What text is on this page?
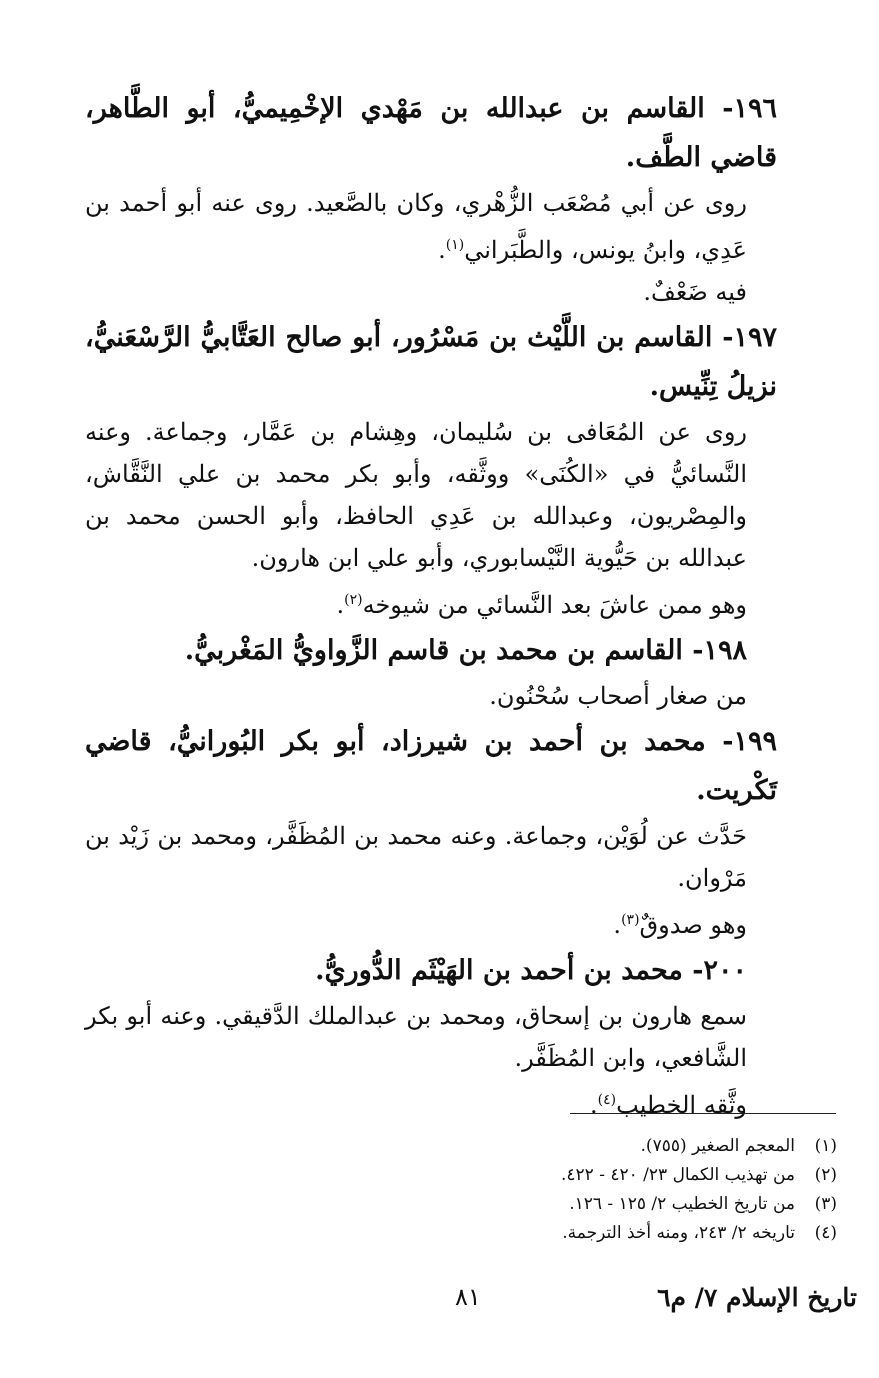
١٩٦- القاسم بن عبدالله بن مَهْدي الإخْمِيميُّ، أبو الطَّاهر، قاضي الطَّف.

روى عن أبي مُصْعَب الزُّهْري، وكان بالصَّعيد. روى عنه أبو أحمد بن عَدِي، وابنُ يونس، والطَّبَراني$^{(١)}$.

فيه ضَعْفٌ.

١٩٧- القاسم بن اللَّيْث بن مَسْرُور، أبو صالح العَتَّابيُّ الرَّسْعَنيُّ، نزيلُ تِنِّيس.

روى عن المُعَافى بن سُليمان، وهِشام بن عَمَّار، وجماعة. وعنه النَّسائيُّ في «الكُنَى» ووثَّقه، وأبو بكر محمد بن علي النَّقَّاش، والمِصْريون، وعبدالله بن عَدِي الحافظ، وأبو الحسن محمد بن عبدالله بن حَيُّوية النَّيْسابوري، وأبو علي ابن هارون.

وهو ممن عاشَ بعد النَّسائي من شيوخه$^{(٢)}$.

١٩٨- القاسم بن محمد بن قاسم الزَّواويُّ المَغْربيُّ.

من صغار أصحاب سُحْنُون.

١٩٩- محمد بن أحمد بن شيرزاد، أبو بكر البُورانيُّ، قاضي تَكْريت.

حَدَّث عن لُوَيْن، وجماعة. وعنه محمد بن المُظَفَّر، ومحمد بن زَيْد بن مَرْوان.

وهو صدوقٌ$^{(٣)}$.

٢٠٠- محمد بن أحمد بن الهَيْثَم الدُّوريُّ.

سمع هارون بن إسحاق، ومحمد بن عبدالملك الدَّقيقي. وعنه أبو بكر الشَّافعي، وابن المُظَفَّر.

وثَّقه الخطيب$^{(٤)}$.

(١)
المعجم الصغير (٧٥٥).
(٢)
من تهذيب الكمال ٢٣/ ٤٢٠ - ٤٢٢.
(٣)
من تاريخ الخطيب ٢/ ١٢٥ - ١٢٦.
(٤)
تاريخه ٢/ ٢٤٣، ومنه أخذ الترجمة.
٨١	تاريخ الإسلام ٧/ م٦
